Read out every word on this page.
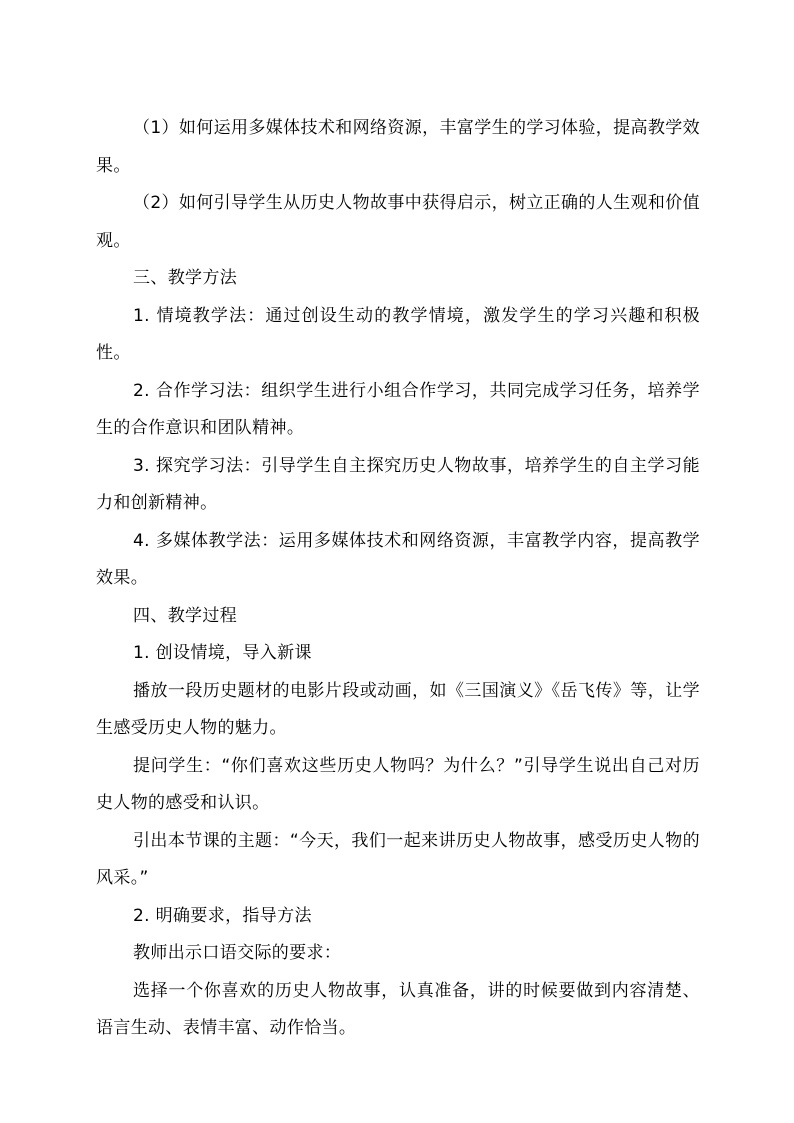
（1）如何运用多媒体技术和网络资源，丰富学生的学习体验，提高教学效果。

（2）如何引导学生从历史人物故事中获得启示，树立正确的人生观和价值观。

三、教学方法

1. 情境教学法：通过创设生动的教学情境，激发学生的学习兴趣和积极性。

2. 合作学习法：组织学生进行小组合作学习，共同完成学习任务，培养学生的合作意识和团队精神。

3. 探究学习法：引导学生自主探究历史人物故事，培养学生的自主学习能力和创新精神。

4. 多媒体教学法：运用多媒体技术和网络资源，丰富教学内容，提高教学效果。

四、教学过程

1. 创设情境，导入新课

播放一段历史题材的电影片段或动画，如《三国演义》《岳飞传》等，让学生感受历史人物的魅力。

提问学生：“你们喜欢这些历史人物吗？为什么？”引导学生说出自己对历史人物的感受和认识。

引出本节课的主题：“今天，我们一起来讲历史人物故事，感受历史人物的风采。”

2. 明确要求，指导方法

教师出示口语交际的要求：

选择一个你喜欢的历史人物故事，认真准备，讲的时候要做到内容清楚、语言生动、表情丰富、动作恰当。
